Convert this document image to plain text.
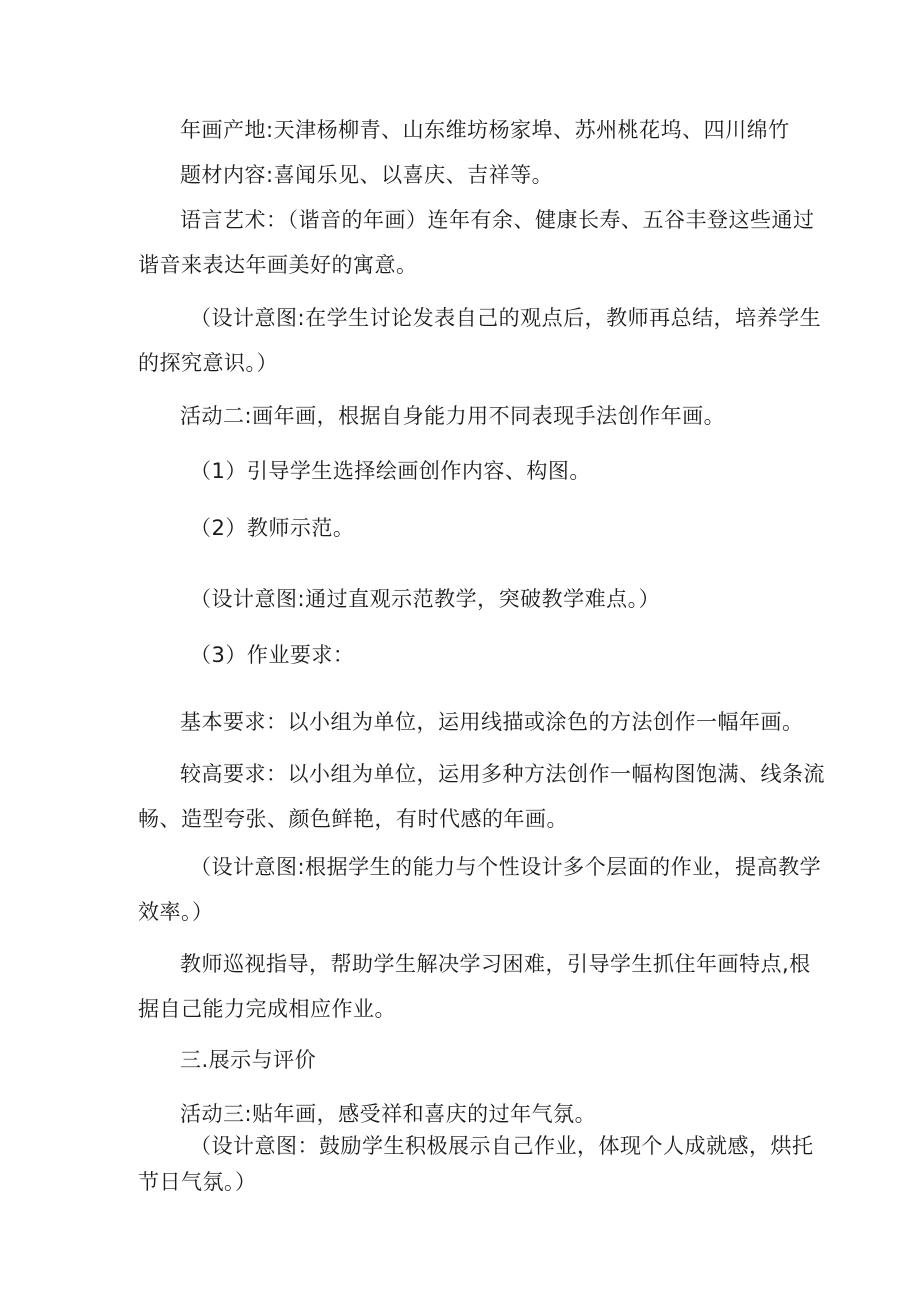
年画产地:天津杨柳青、山东维坊杨家埠、苏州桃花坞、四川绵竹

题材内容:喜闻乐见、以喜庆、吉祥等。

语言艺术：（谐音的年画）连年有余、健康长寿、五谷丰登这些通过
谐音来表达年画美好的寓意。

（设计意图:在学生讨论发表自己的观点后，教师再总结，培养学生
的探究意识。）

活动二:画年画，根据自身能力用不同表现手法创作年画。

（1）引导学生选择绘画创作内容、构图。

（2）教师示范。

（设计意图:通过直观示范教学，突破教学难点。）

（3）作业要求：

基本要求：以小组为单位，运用线描或涂色的方法创作一幅年画。

较高要求：以小组为单位，运用多种方法创作一幅构图饱满、线条流
畅、造型夸张、颜色鲜艳，有时代感的年画。

（设计意图:根据学生的能力与个性设计多个层面的作业，提高教学
效率。）

教师巡视指导，帮助学生解决学习困难，引导学生抓住年画特点,根
据自己能力完成相应作业。

三.展示与评价

活动三:贴年画，感受祥和喜庆的过年气氛。

（设计意图：鼓励学生积极展示自己作业，体现个人成就感，烘托
节日气氛。）
